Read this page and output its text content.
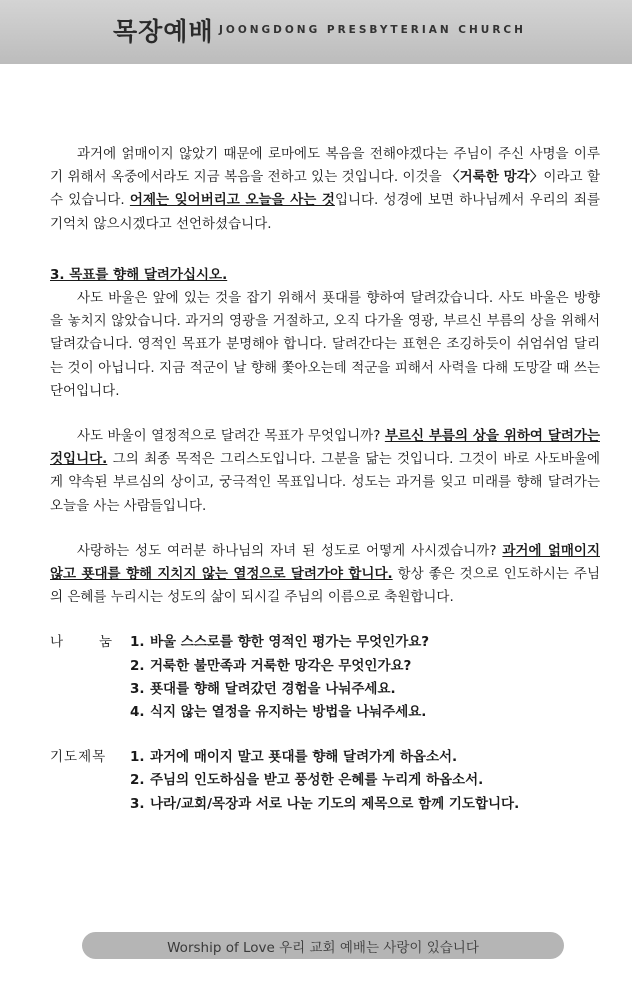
목장예배 JOONGDONG PRESBYTERIAN CHURCH

과거에 얽매이지 않았기 때문에 로마에도 복음을 전해야겠다는 주님이 주신 사명을 이루기 위해서 옥중에서라도 지금 복음을 전하고 있는 것입니다. 이것을 〈거룩한 망각〉이라고 할 수 있습니다. 어제는 잊어버리고 오늘을 사는 것입니다. 성경에 보면 하나님께서 우리의 죄를 기억치 않으시겠다고 선언하셨습니다.

3. 목표를 향해 달려가십시오.

사도 바울은 앞에 있는 것을 잡기 위해서 푯대를 향하여 달려갔습니다. 사도 바울은 방향을 놓치지 않았습니다. 과거의 영광을 거절하고, 오직 다가올 영광, 부르신 부름의 상을 위해서 달려갔습니다. 영적인 목표가 분명해야 합니다. 달려간다는 표현은 조깅하듯이 쉬엄쉬엄 달리는 것이 아닙니다. 지금 적군이 날 향해 쫓아오는데 적군을 피해서 사력을 다해 도망갈 때 쓰는 단어입니다.

사도 바울이 열정적으로 달려간 목표가 무엇입니까? 부르신 부름의 상을 위하여 달려가는 것입니다. 그의 최종 목적은 그리스도입니다. 그분을 닮는 것입니다. 그것이 바로 사도바울에게 약속된 부르심의 상이고, 궁극적인 목표입니다. 성도는 과거를 잊고 미래를 향해 달려가는 오늘을 사는 사람들입니다.

사랑하는 성도 여러분 하나님의 자녀 된 성도로 어떻게 사시겠습니까? 과거에 얽매이지 않고 푯대를 향해 지치지 않는 열정으로 달려가야 합니다. 항상 좋은 것으로 인도하시는 주님의 은혜를 누리시는 성도의 삶이 되시길 주님의 이름으로 축원합니다.

나	눔 1. 바울 스스로를 향한 영적인 평가는 무엇인가요?
2. 거룩한 불만족과 거룩한 망각은 무엇인가요?
3. 푯대를 향해 달려갔던 경험을 나눠주세요.
4. 식지 않는 열정을 유지하는 방법을 나눠주세요.
기도제목 1. 과거에 매이지 말고 푯대를 향해 달려가게 하옵소서.
2. 주님의 인도하심을 받고 풍성한 은혜를 누리게 하옵소서.
3. 나라/교회/목장과 서로 나눈 기도의 제목으로 함께 기도합니다.
Worship of Love 우리 교회 예배는 사랑이 있습니다
